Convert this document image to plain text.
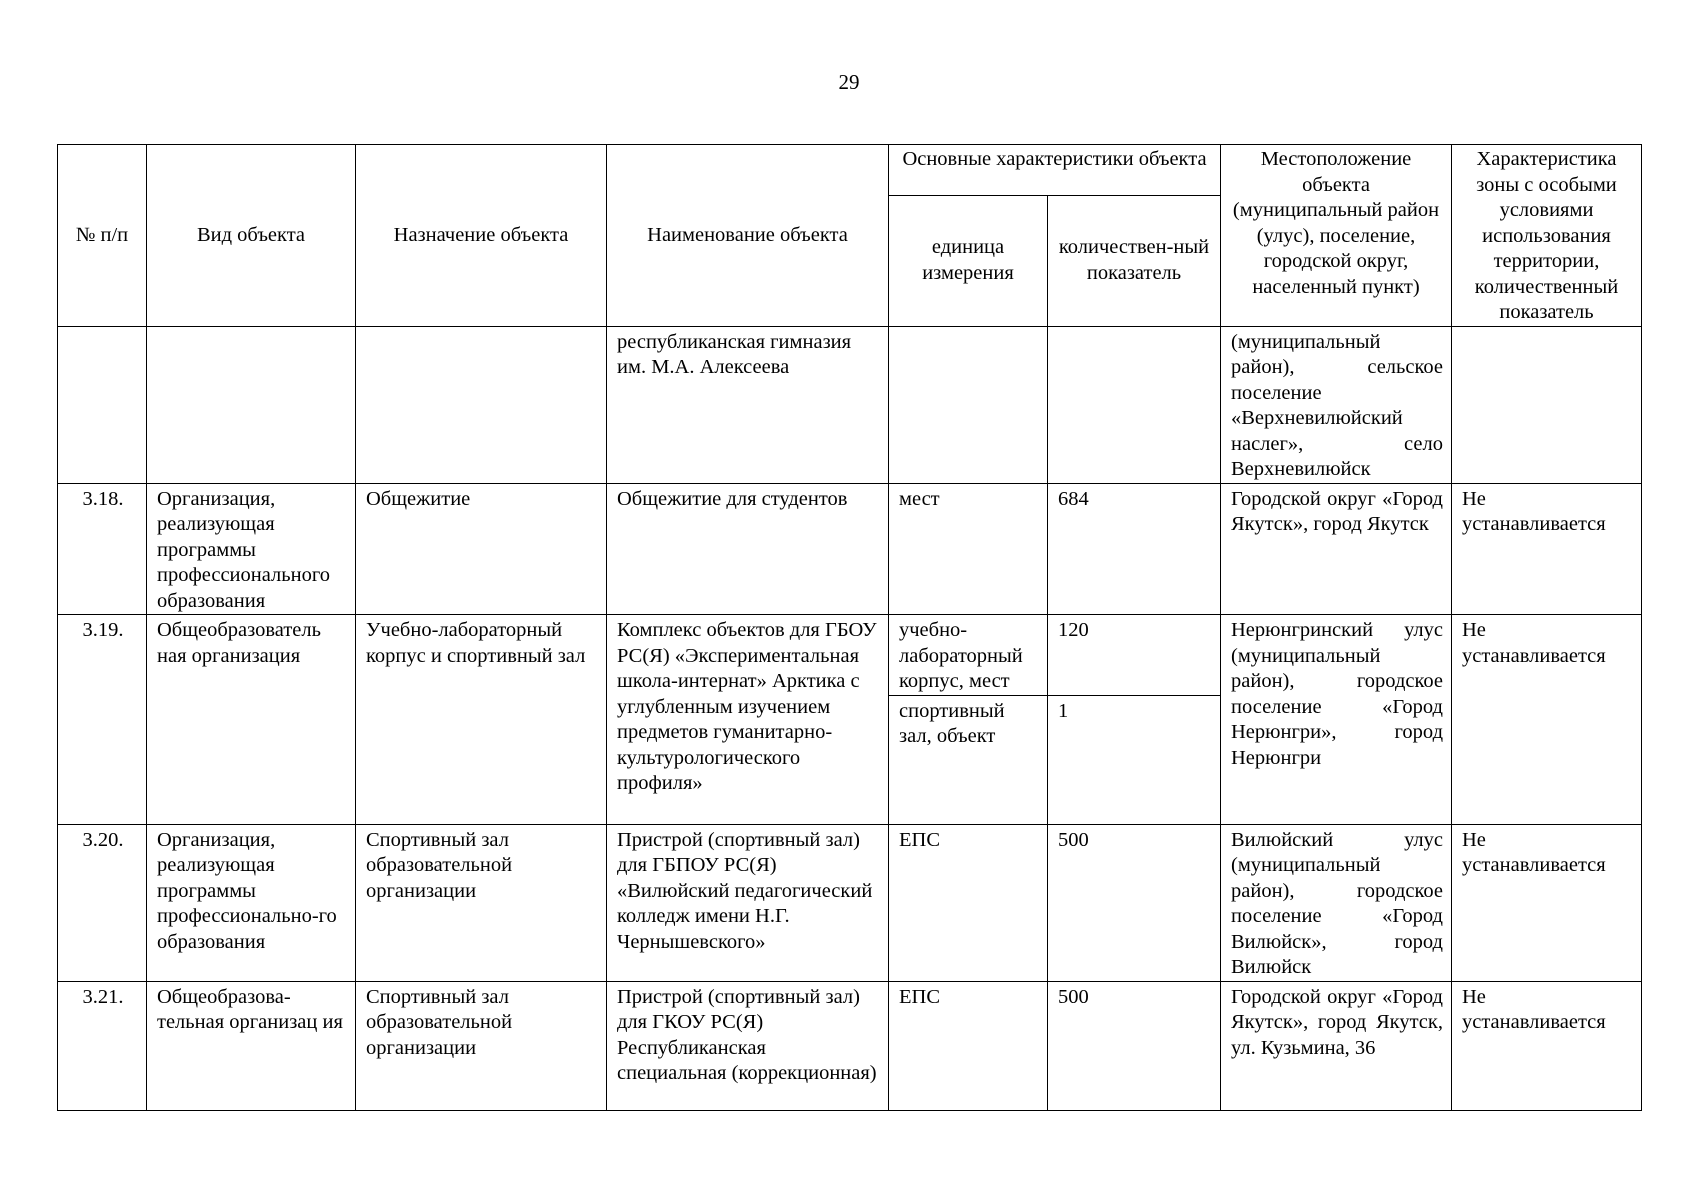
29
№ п/п	Вид объекта	Назначение объекта	Наименование объекта	Основные характеристики объекта		Местоположение объекта (муниципальный район (улус), поселение, городской округ, населенный пункт)	Характеристика зоны с особыми условиями использования территории, количественный показатель
				единица измерения	количествен-ный показатель		
			республиканская гимназия им. М.А. Алексеева			(муниципальный район), сельское поселение «Верхневилюйский наслег», село Верхневилюйск	
3.18.	Организация, реализующая программы профессионального образования	Общежитие	Общежитие для студентов	мест	684	Городской округ «Город Якутск», город Якутск	Не устанавливается
3.19.	Общеобразователь ная организация	Учебно-лабораторный корпус и спортивный зал	Комплекс объектов для ГБОУ РС(Я) «Экспериментальная школа-интернат» Арктика с углубленным изучением предметов гуманитарно-культурологического профиля»	учебно-лабораторный корпус, мест	120	Нерюнгринский улус (муниципальный район), городское поселение «Город Нерюнгри», город Нерюнгри	Не устанавливается
				спортивный зал, объект	1		
3.20.	Организация, реализующая программы профессионально-го образования	Спортивный зал образовательной организации	Пристрой (спортивный зал) для ГБПОУ РС(Я) «Вилюйский педагогический колледж имени Н.Г. Чернышевского»	ЕПС	500	Вилюйский улус (муниципальный район), городское поселение «Город Вилюйск», город Вилюйск	Не устанавливается
3.21.	Общеобразова-тельная организац ия	Спортивный зал образовательной организации	Пристрой (спортивный зал) для ГКОУ РС(Я) Республиканская специальная (коррекционная)	ЕПС	500	Городской округ «Город Якутск», город Якутск, ул. Кузьмина, 36	Не устанавливается
